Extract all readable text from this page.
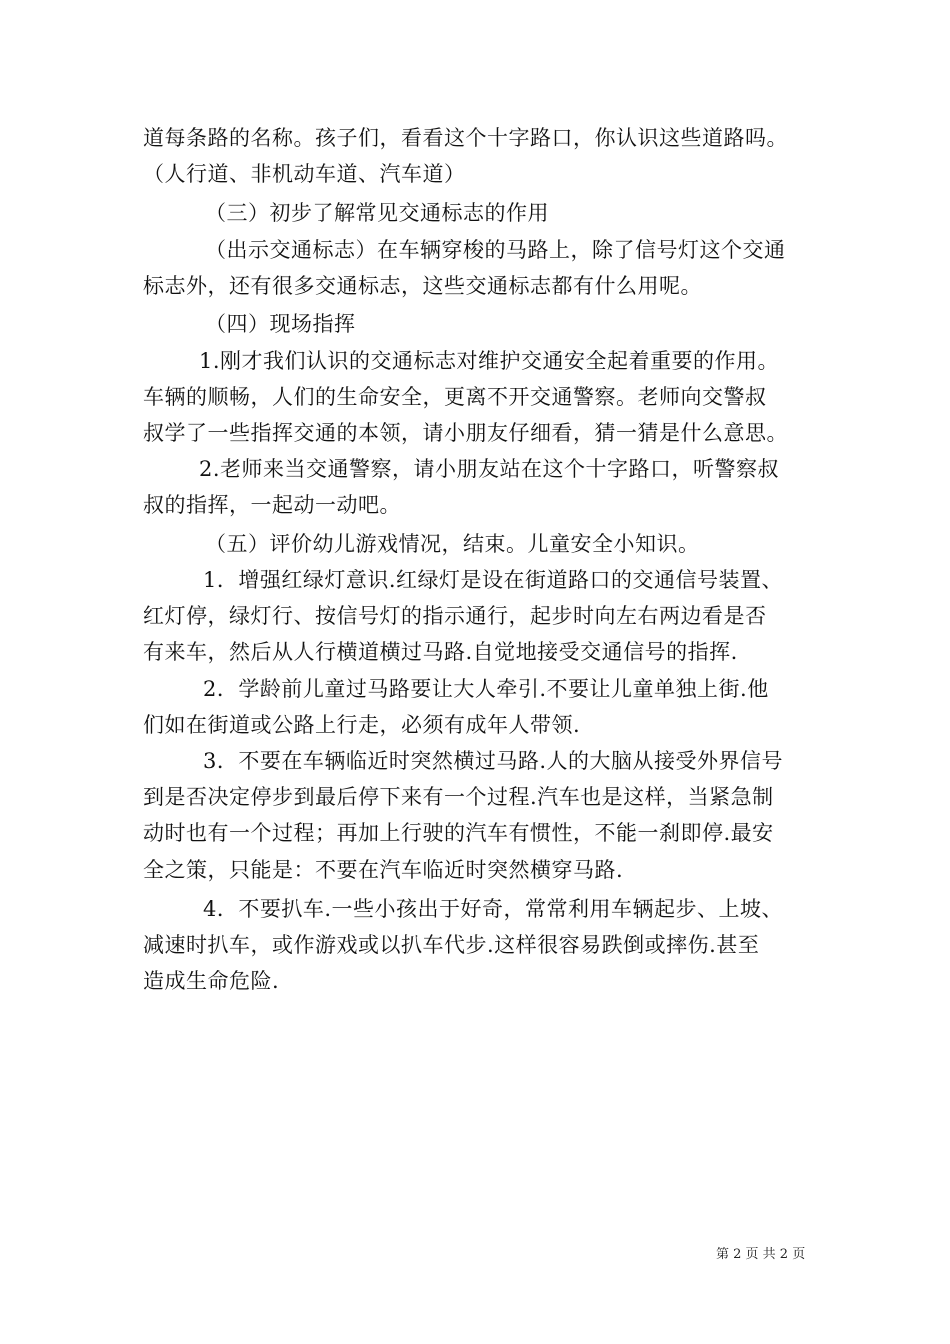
道每条路的名称。孩子们，看看这个十字路口，你认识这些道路吗。
（人行道、非机动车道、汽车道）
（三）初步了解常见交通标志的作用
（出示交通标志）在车辆穿梭的马路上，除了信号灯这个交通
标志外，还有很多交通标志，这些交通标志都有什么用呢。
（四）现场指挥
1.刚才我们认识的交通标志对维护交通安全起着重要的作用。
车辆的顺畅，人们的生命安全，更离不开交通警察。老师向交警叔
叔学了一些指挥交通的本领，请小朋友仔细看，猜一猜是什么意思。
2.老师来当交通警察，请小朋友站在这个十字路口，听警察叔
叔的指挥，一起动一动吧。
（五）评价幼儿游戏情况，结束。儿童安全小知识。
1．增强红绿灯意识.红绿灯是设在街道路口的交通信号装置、
红灯停，绿灯行、按信号灯的指示通行，起步时向左右两边看是否
有来车，然后从人行横道横过马路.自觉地接受交通信号的指挥.
2．学龄前儿童过马路要让大人牵引.不要让儿童单独上街.他
们如在街道或公路上行走，必须有成年人带领.
3．不要在车辆临近时突然横过马路.人的大脑从接受外界信号
到是否决定停步到最后停下来有一个过程.汽车也是这样，当紧急制
动时也有一个过程；再加上行驶的汽车有惯性，不能一刹即停.最安
全之策，只能是：不要在汽车临近时突然横穿马路.
4．不要扒车.一些小孩出于好奇，常常利用车辆起步、上坡、
减速时扒车，或作游戏或以扒车代步.这样很容易跌倒或摔伤.甚至
造成生命危险.
第 2 页 共 2 页
